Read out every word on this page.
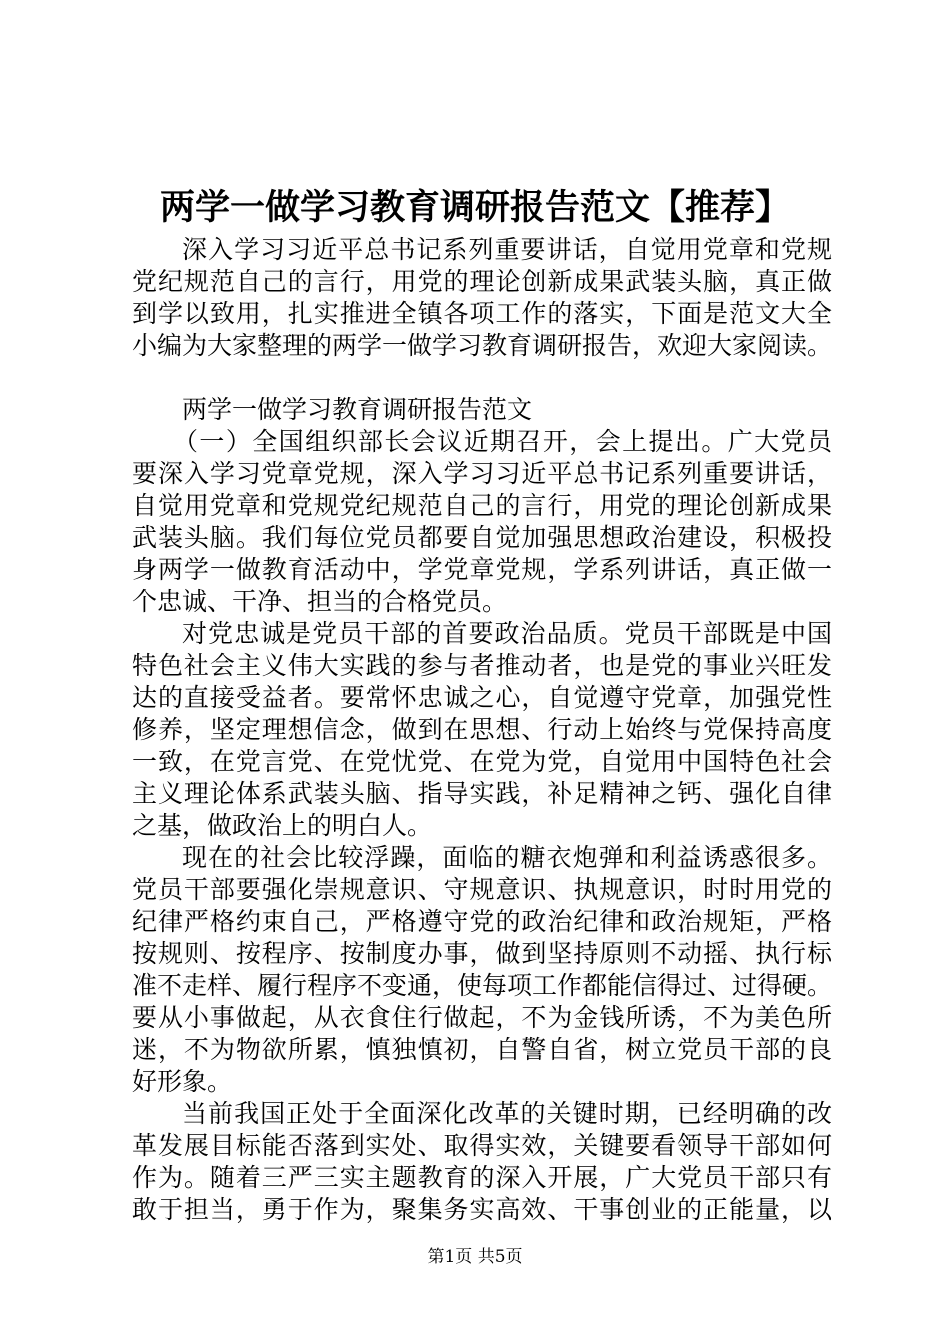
两学一做学习教育调研报告范文【推荐】
深入学习习近平总书记系列重要讲话，自觉用党章和党规
党纪规范自己的言行，用党的理论创新成果武装头脑，真正做
到学以致用，扎实推进全镇各项工作的落实，下面是范文大全
小编为大家整理的两学一做学习教育调研报告，欢迎大家阅读。
两学一做学习教育调研报告范文
（一）全国组织部长会议近期召开，会上提出。广大党员
要深入学习党章党规，深入学习习近平总书记系列重要讲话，
自觉用党章和党规党纪规范自己的言行，用党的理论创新成果
武装头脑。我们每位党员都要自觉加强思想政治建设，积极投
身两学一做教育活动中，学党章党规，学系列讲话，真正做一
个忠诚、干净、担当的合格党员。
对党忠诚是党员干部的首要政治品质。党员干部既是中国
特色社会主义伟大实践的参与者推动者，也是党的事业兴旺发
达的直接受益者。要常怀忠诚之心，自觉遵守党章，加强党性
修养，坚定理想信念，做到在思想、行动上始终与党保持高度
一致，在党言党、在党忧党、在党为党，自觉用中国特色社会
主义理论体系武装头脑、指导实践，补足精神之钙、强化自律
之基，做政治上的明白人。
现在的社会比较浮躁，面临的糖衣炮弹和利益诱惑很多。
党员干部要强化崇规意识、守规意识、执规意识，时时用党的
纪律严格约束自己，严格遵守党的政治纪律和政治规矩，严格
按规则、按程序、按制度办事，做到坚持原则不动摇、执行标
准不走样、履行程序不变通，使每项工作都能信得过、过得硬。
要从小事做起，从衣食住行做起，不为金钱所诱，不为美色所
迷，不为物欲所累，慎独慎初，自警自省，树立党员干部的良
好形象。
当前我国正处于全面深化改革的关键时期，已经明确的改
革发展目标能否落到实处、取得实效，关键要看领导干部如何
作为。随着三严三实主题教育的深入开展，广大党员干部只有
敢于担当，勇于作为，聚集务实高效、干事创业的正能量，以
第1页 共5页
